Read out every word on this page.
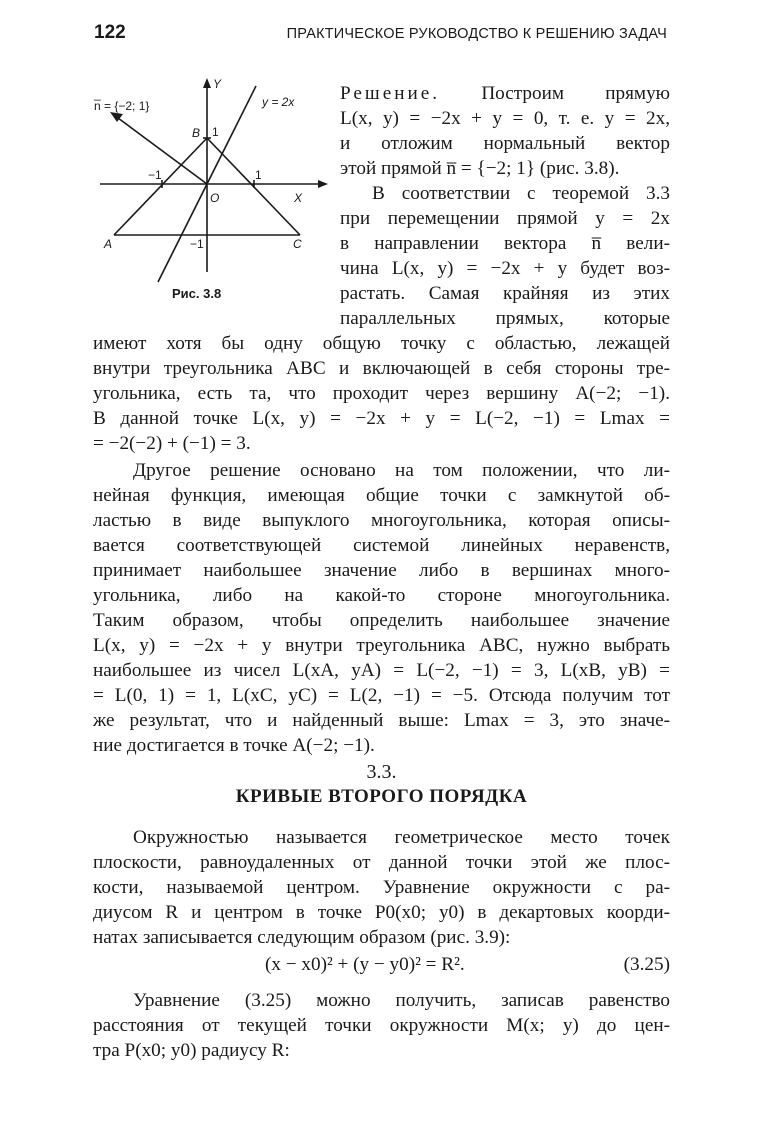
122	ПРАКТИЧЕСКОЕ РУКОВОДСТВО К РЕШЕНИЮ ЗАДАЧ
n̅ = {−2; 1}	y = 2x
Y
X
O
A
B
C
−1	1
1
−1
Рис. 3.8
Решение. Построим прямую
L(x, y) = −2x + y = 0, т. е. y = 2x,
и отложим нормальный вектор
этой прямой n̅ = {−2; 1} (рис. 3.8).
В соответствии с теоремой 3.3
при перемещении прямой y = 2x
в направлении вектора n̅ вели-
чина L(x, y) = −2x + y будет воз-
растать. Самая крайняя из этих
параллельных прямых, которые
имеют хотя бы одну общую точку с областью, лежащей
внутри треугольника ABC и включающей в себя стороны тре-
угольника, есть та, что проходит через вершину A(−2; −1).
В данной точке L(x, y) = −2x + y = L(−2, −1) = Lmax =
= −2(−2) + (−1) = 3.
Другое решение основано на том положении, что ли-
нейная функция, имеющая общие точки с замкнутой об-
ластью в виде выпуклого многоугольника, которая описы-
вается соответствующей системой линейных неравенств,
принимает наибольшее значение либо в вершинах много-
угольника, либо на какой-то стороне многоугольника.
Таким образом, чтобы определить наибольшее значение
L(x, y) = −2x + y внутри треугольника ABC, нужно выбрать
наибольшее из чисел L(xA, yA) = L(−2, −1) = 3, L(xB, yB) =
= L(0, 1) = 1, L(xC, yC) = L(2, −1) = −5. Отсюда получим тот
же результат, что и найденный выше: Lmax = 3, это значе-
ние достигается в точке A(−2; −1).
3.3.
КРИВЫЕ ВТОРОГО ПОРЯДКА
Окружностью называется геометрическое место точек
плоскости, равноудаленных от данной точки этой же плос-
кости, называемой центром. Уравнение окружности с ра-
диусом R и центром в точке P0(x0; y0) в декартовых коорди-
натах записывается следующим образом (рис. 3.9):
(x − x0)² + (y − y0)² = R².	(3.25)
Уравнение (3.25) можно получить, записав равенство
расстояния от текущей точки окружности M(x; y) до цен-
тра P(x0; y0) радиусу R:
